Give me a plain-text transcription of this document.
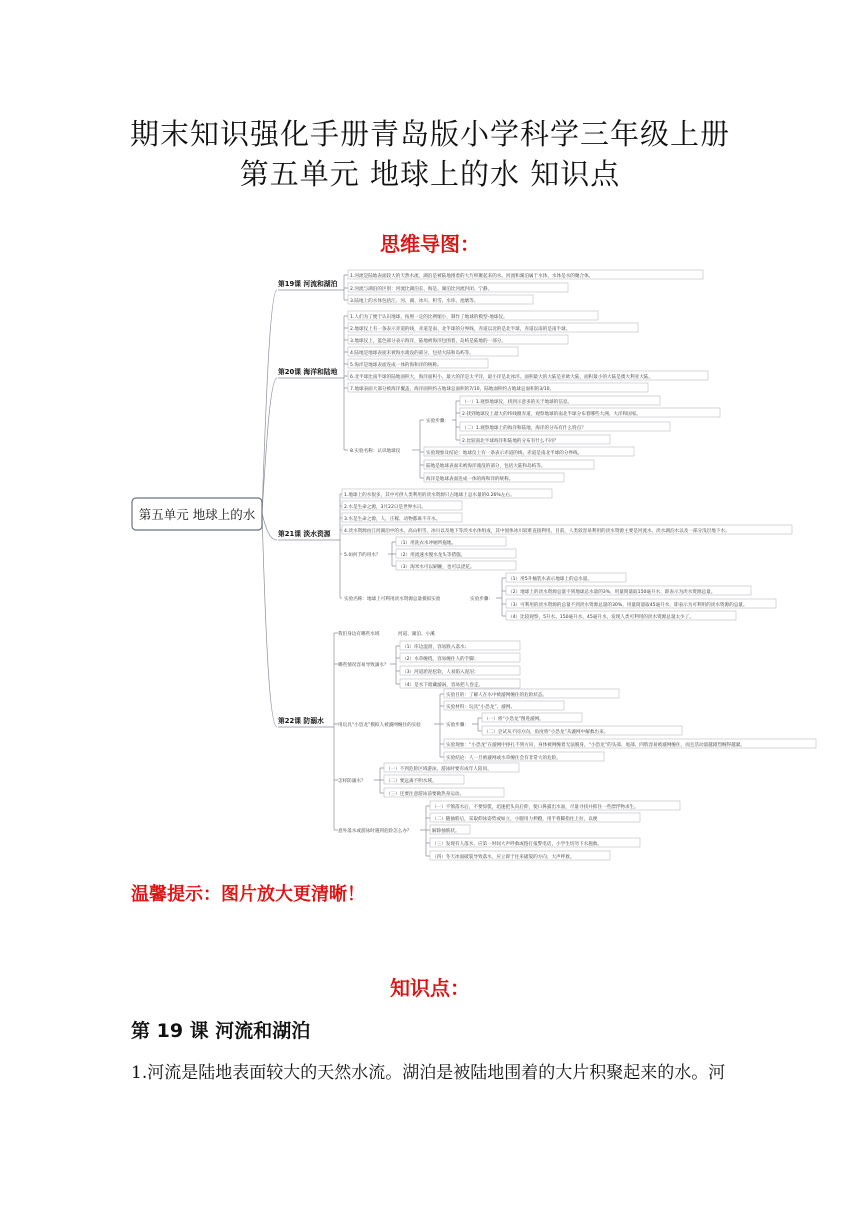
期末知识强化手册青岛版小学科学三年级上册
第五单元 地球上的水 知识点
思维导图：
第五单元 地球上的水
第19课 河流和湖泊
1.河流是陆地表面较大的天然水流，湖泊是被陆地围着的大片积聚起来的水。河流和湖泊属于水体，水体是水的聚合体。
2.河流与湖泊的区别：河流比湖泊长、海是。湖泊比河流封闭、宁静。
3.陆地上的水体包括江、河、湖、冰川、积雪、水库、池塘等。
第20课 海洋和陆地
1.人们为了便于认识地球，按照一定的比例缩小，制作了地球的模型-地球仪。
2.地球仪上有一条表示赤道的线，赤道是南、北半球的分界线，赤道以北的是北半球，赤道以南的是南半球。
3.地球仪上，蓝色部分表示海洋，陆地被海洋包围着，岛屿是陆地的一部分。
4.陆地是地球表面未被海水淹没的部分，包括大陆和岛屿等。
5.海洋是地球表面连成一体的海和洋的统称。
6.北半球比南半球的陆地面积大，海洋面积小。最大的洋是太平洋，最小洋是北冰洋。面积最大的大陆是亚欧大陆，面积最小的大陆是澳大利亚大陆。
7.地球表面大部分被海洋覆盖，海洋面积约占地球总面积的7/10，陆地面积约占地球总面积的3/10。
8.实验名称：认识地球仪
实验步骤：
（一）1.观察地球仪，找到示意多的关于地球的信息。
2.找到地球仪上最大的纬线圈赤道，观察地球的南北半球分布着哪些大洲、大洋和国家。
（二）1.观察地球上的海洋和陆地，海洋的分布有什么特点？
2.比较南北半球海洋和陆地的分布有什么不同？
实验现象及结论：地球仪上有一条表示赤道的线，赤道是南北半球的分界线。
陆地是地球表面未被海洋淹没的部分，包括大陆和岛屿等。
海洋是地球表面连成一体的海和洋的统称。
第21课 淡水资源
1.地球上的水很多，其中可供人类利用的淡水资源只占地球上总水量的0.26%左右。
2.水是生命之源，3月22日是世界水日。
3.水是生命之源，人、庄稼、动物都离不开水。
4.淡水资源由江河湖泊中的水、高山积雪、冰川以及地下等淡水水体组成，其中固体冰川较难直接利用。目前，人类较容易利用的淡水资源主要是河流水、淡水湖泊水以及一部分浅层地下水。
5.如何节约用水？
（1）用洗衣水冲厕所拖地。
（2）用流速水慢水龙头等措施。
（3）淘米水可以刷碗，也可以浇花。
实验名称：地球上可利用淡水资源总量模拟实验	实验步骤：
（1）用5升桶装水表示地球上的总水量。
（2）地球上的淡水资源总量不到地球总水量的3%，用量筒量取150毫升水，即表示为淡水资源总量。
（3）可利用的淡水资源的总量不到淡水资源总量的30%，用量筒量取45毫升水，即表示为可利用的淡水资源的总量。
（4）比较观察，5升水、150毫升水、45毫升水，发现人类可利用的淡水资源总量太少了。
第22课 防溺水
我们身边有哪些水域	河道、湖泊、小溪
哪些情况容易导致溺水？
（1）库边湿滑，容易跌入落水；
（2）水草缠绕，容易缠住人的手脚；
（3）河道淤泥松软，人易陷入泥沼；
（4）是水下暗藏漩涡，容易把人卷走。
用玩具“小恐龙”模拟人被漩网缠住的实验
实验目的：了解人在水中被漩网缠住的危险状态。
实验材料：玩具“小恐龙”、漩网。
实验步骤：
（一）将“小恐龙”图进漩网。
（二）尝试从不同方向，角度将“小恐龙”从漩网中解救出来。
实验现象：“小恐龙”在漩网中挣扎不到方向，身体被网缠着无法脱身，“小恐龙”的头部、尾部、四肢容易被漩网缠住，而且活动量越剧烈缠得越紧。
实验结论：人一旦被漩网或水草缠住会有非常大的危险。
怎样防溺水？
（一）不到危险区域游泳，游泳时要有成年人陪同。
（二）要远离不明水域。
（三）还要注意游泳前要做热身运动。
意外落水或游泳时遇到危险怎么办？
（一）不慎落水后，不要惊慌，迅速把头向后仰，使口鼻露出水面，尽量寻找并抓住一些漂浮物求生。
（二）随抽筋后，采取仰泳姿势或如立，小腿用力伸蹬，用手将脚指往上拉，以便
解除抽筋状。
（三）发现有人落水，应第一时间大声呼救或拨打报警电话，小学生切勿下水施救。
（四）冬天冰面破裂导致落水，应立即于往来破裂的方向，大声呼救。
温馨提示：图片放大更清晰！
知识点：
第 19 课 河流和湖泊
1.河流是陆地表面较大的天然水流。湖泊是被陆地围着的大片积聚起来的水。河
